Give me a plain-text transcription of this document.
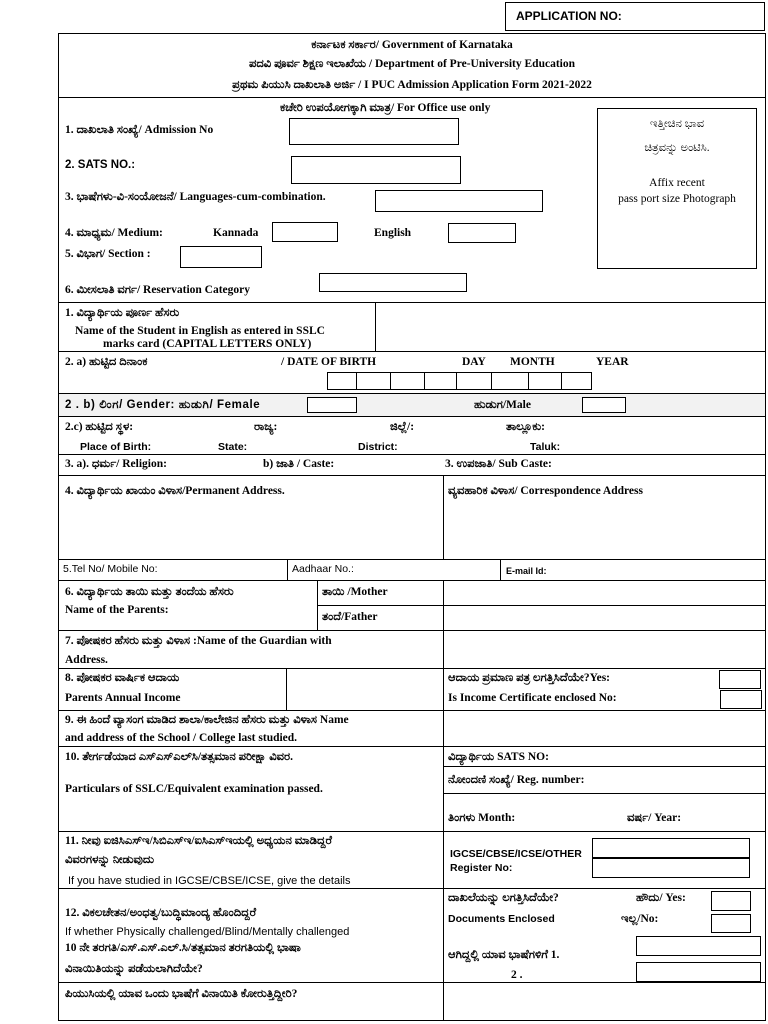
APPLICATION NO:
ಕರ್ನಾಟಕ ಸರ್ಕಾರ/ Government of Karnataka
ಪದವಿ ಪೂರ್ವ ಶಿಕ್ಷಣ ಇಲಾಖೆಯ / Department of Pre-University Education
ಪ್ರಥಮ ಪಿಯುಸಿ ದಾಖಲಾತಿ ಅರ್ಜಿ / I PUC Admission Application Form 2021-2022
ಕಚೇರಿ ಉಪಯೋಗಕ್ಕಾಗಿ ಮಾತ್ರ/ For Office use only
1. ದಾಖಲಾತಿ ಸಂಖ್ಯೆ/ Admission No
2. SATS NO.:
3. ಭಾಷೆಗಳು-ವಿ-ಸಂಯೋಜನೆ/ Languages-cum-combination.
4. ಮಾಧ್ಯಮ/ Medium:	Kannada	English
5. ವಿಭಾಗ/ Section :
6. ಮೀಸಲಾತಿ ವರ್ಗ/ Reservation Category
ಇತ್ತೀಚಿನ ಭಾವ
ಚಿತ್ರವನ್ನು ಅಂಟಿಸಿ.
Affix recent
pass port size Photograph
1. ವಿದ್ಯಾರ್ಥಿಯ ಪೂರ್ಣ ಹೆಸರು
Name of the Student in English as entered in SSLC
marks card (CAPITAL LETTERS ONLY)
2. a) ಹುಟ್ಟಿದ ದಿನಾಂಕ	/ DATE OF BIRTH	DAY MONTH	YEAR
2 . b) ಲಿಂಗ/ Gender: ಹುಡುಗಿ/ Female	ಹುಡುಗ/Male
2.c) ಹುಟ್ಟಿದ ಸ್ಥಳ:	ರಾಜ್ಯ:	ಜಿಲ್ಲೆ/:	ತಾಲ್ಲೂಕು:
Place of Birth:	State:	District:	Taluk:
3. a). ಧರ್ಮ/ Religion:	b) ಜಾತಿ / Caste:	3. ಉಪಜಾತಿ/ Sub Caste:
4. ವಿದ್ಯಾರ್ಥಿಯ ಖಾಯಂ ವಿಳಾಸ/Permanent Address.	ವ್ಯವಹಾರಿಕ ವಿಳಾಸ/ Correspondence Address
5.Tel No/ Mobile No:	Aadhaar No.:	E-mail Id:
6. ವಿದ್ಯಾರ್ಥಿಯ ತಾಯಿ ಮತ್ತು ತಂದೆಯ ಹೆಸರು
Name of the Parents:
ತಾಯಿ /Mother
ತಂದೆ/Father
7. ಪೋಷಕರ ಹೆಸರು ಮತ್ತು ವಿಳಾಸ :Name of the Guardian with
Address.
8. ಪೋಷಕರ ವಾರ್ಷಿಕ ಆದಾಯ
Parents Annual Income
ಆದಾಯ ಪ್ರಮಾಣ ಪತ್ರ ಲಗತ್ತಿಸಿದೆಯೇ?Yes:
Is Income Certificate enclosed No:
9. ಈ ಹಿಂದೆ ವ್ಯಾಸಂಗ ಮಾಡಿದ ಶಾಲಾ/ಕಾಲೇಜಿನ ಹೆಸರು ಮತ್ತು ವಿಳಾಸ Name
and address of the School / College last studied.
10. ತೇರ್ಗಡೆಯಾದ ಎಸ್ಎಸ್ಎಲ್‌ಸಿ/ತತ್ಸಮಾನ ಪರೀಕ್ಷಾ ವಿವರ.
Particulars of SSLC/Equivalent examination passed.
ವಿದ್ಯಾರ್ಥಿಯ SATS NO:
ನೋಂದಣಿ ಸಂಖ್ಯೆ/ Reg. number:
ತಿಂಗಳು Month:	ವರ್ಷ/ Year:
11. ನೀವು ಐಜಿಸಿಎಸ್ಇ/ಸಿಬಿಎಸ್ಇ/ಐಸಿಎಸ್ಇಯಲ್ಲಿ ಅಧ್ಯಯನ ಮಾಡಿದ್ದರೆ
ವಿವರಗಳನ್ನು ನೀಡುವುದು
If you have studied in IGCSE/CBSE/ICSE, give the details
IGCSE/CBSE/ICSE/OTHER
Register No:
12. ವಿಕಲಚೇತನ/ಅಂಧತ್ವ/ಬುದ್ಧಿಮಾಂದ್ಯ ಹೊಂದಿದ್ದರೆ
If whether Physically challenged/Blind/Mentally challenged
10 ನೇ ತರಗತಿ/ಎಸ್.ಎಸ್.ಎಲ್.ಸಿ/ತತ್ಸಮಾನ ತರಗತಿಯಲ್ಲಿ ಭಾಷಾ
ವಿನಾಯಿತಿಯನ್ನು ಪಡೆಯಲಾಗಿದೆಯೇ?
ದಾಖಲೆಯನ್ನು ಲಗತ್ತಿಸಿದೆಯೇ?	ಹೌದು/ Yes:
Documents Enclosed	ಇಲ್ಲ/No:
ಆಗಿದ್ದಲ್ಲಿ ಯಾವ ಭಾಷೆಗಳಿಗೆ 1.
2 .
ಪಿಯುಸಿಯಲ್ಲಿ ಯಾವ ಒಂದು ಭಾಷೆಗೆ ವಿನಾಯಿತಿ ಕೋರುತ್ತಿದ್ದೀರಿ?
